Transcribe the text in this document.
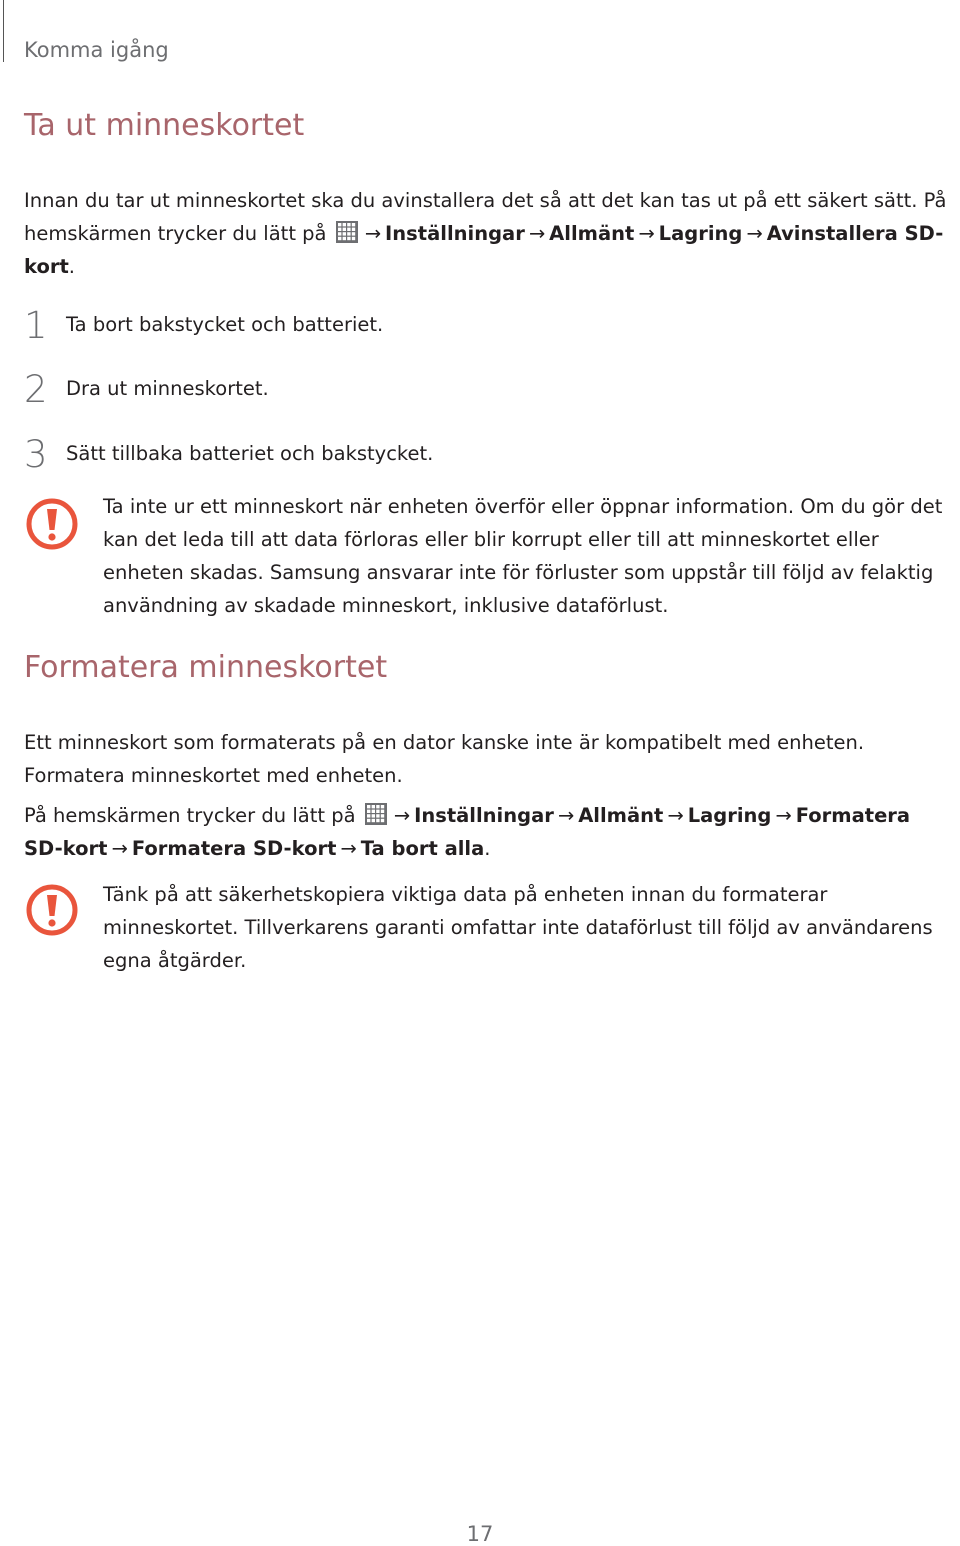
Komma igång
Ta ut minneskortet

Innan du tar ut minneskortet ska du avinstallera det så att det kan tas ut på ett säkert sätt. På hemskärmen trycker du lätt på → Inställningar → Allmänt → Lagring → Avinstallera SD-kort.

1 Ta bort bakstycket och batteriet.
2 Dra ut minneskortet.
3 Sätt tillbaka batteriet och bakstycket.

Ta inte ur ett minneskort när enheten överför eller öppnar information. Om du gör det kan det leda till att data förloras eller blir korrupt eller till att minneskortet eller enheten skadas. Samsung ansvarar inte för förluster som uppstår till följd av felaktig användning av skadade minneskort, inklusive dataförlust.

Formatera minneskortet

Ett minneskort som formaterats på en dator kanske inte är kompatibelt med enheten. Formatera minneskortet med enheten.

På hemskärmen trycker du lätt på → Inställningar → Allmänt → Lagring → Formatera SD-kort → Formatera SD-kort → Ta bort alla.

Tänk på att säkerhetskopiera viktiga data på enheten innan du formaterar minneskortet. Tillverkarens garanti omfattar inte dataförlust till följd av användarens egna åtgärder.

17
